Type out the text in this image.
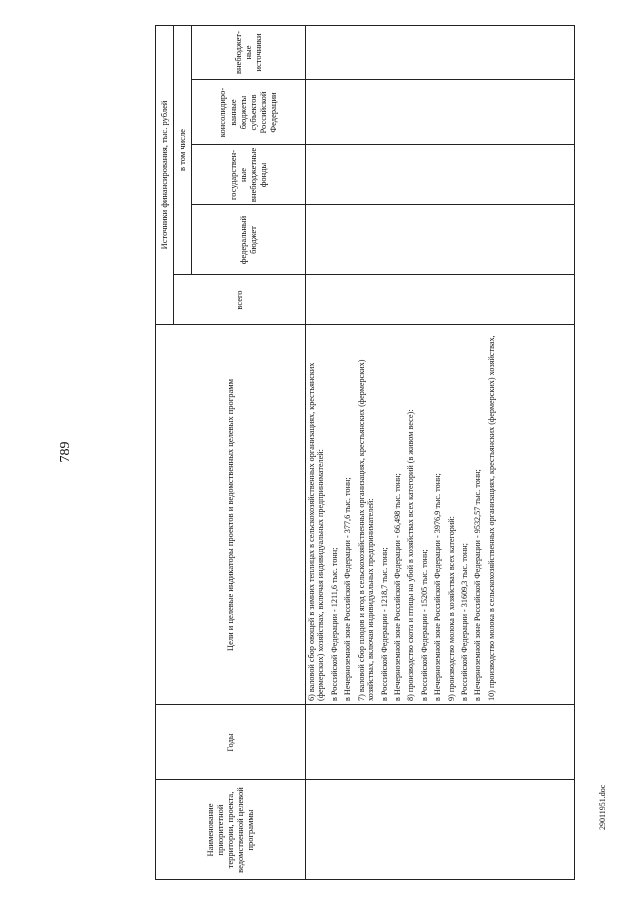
789
29011951.doc
Наименование приоритетной территории, проекта, ведомственной целевой программы
Годы
Цели и целевые индикаторы проектов и ведомственных целевых программ
Источники финансирования, тыс. рублей
всего
в том числе
федеральный бюджет
государствен-ные внебюджетные фонды
консолидиро-ванные бюджеты субъектов Российской Федерации
внебюджет-ные источники

6) валовой сбор овощей в зимних теплицах в сельскохозяйственных организациях, крестьянских (фермерских) хозяйствах, включая индивидуальных предпринимателей: в Российской Федерации - 1211,6 тыс. тонн; в Нечерноземной зоне Российской Федерации - 377,6 тыс. тонн; 7) валовой сбор плодов и ягод в сельскохозяйственных организациях, крестьянских (фермерских) хозяйствах, включая индивидуальных предпринимателей: в Российской Федерации - 1218,7 тыс. тонн; в Нечерноземной зоне Российской Федерации - 66,498 тыс. тонн; 8) производство скота и птицы на убой в хозяйствах всех категорий (в живом весе): в Российской Федерации - 15205 тыс. тонн; в Нечерноземной зоне Российской Федерации - 3976,9 тыс. тонн; 9) производство молока в хозяйствах всех категорий: в Российской Федерации - 31609,3 тыс. тонн; в Нечерноземной зоне Российской Федерации - 9532,57 тыс. тонн; 10) производство молока в сельскохозяйственных организациях, крестьянских (фермерских) хозяйствах,
